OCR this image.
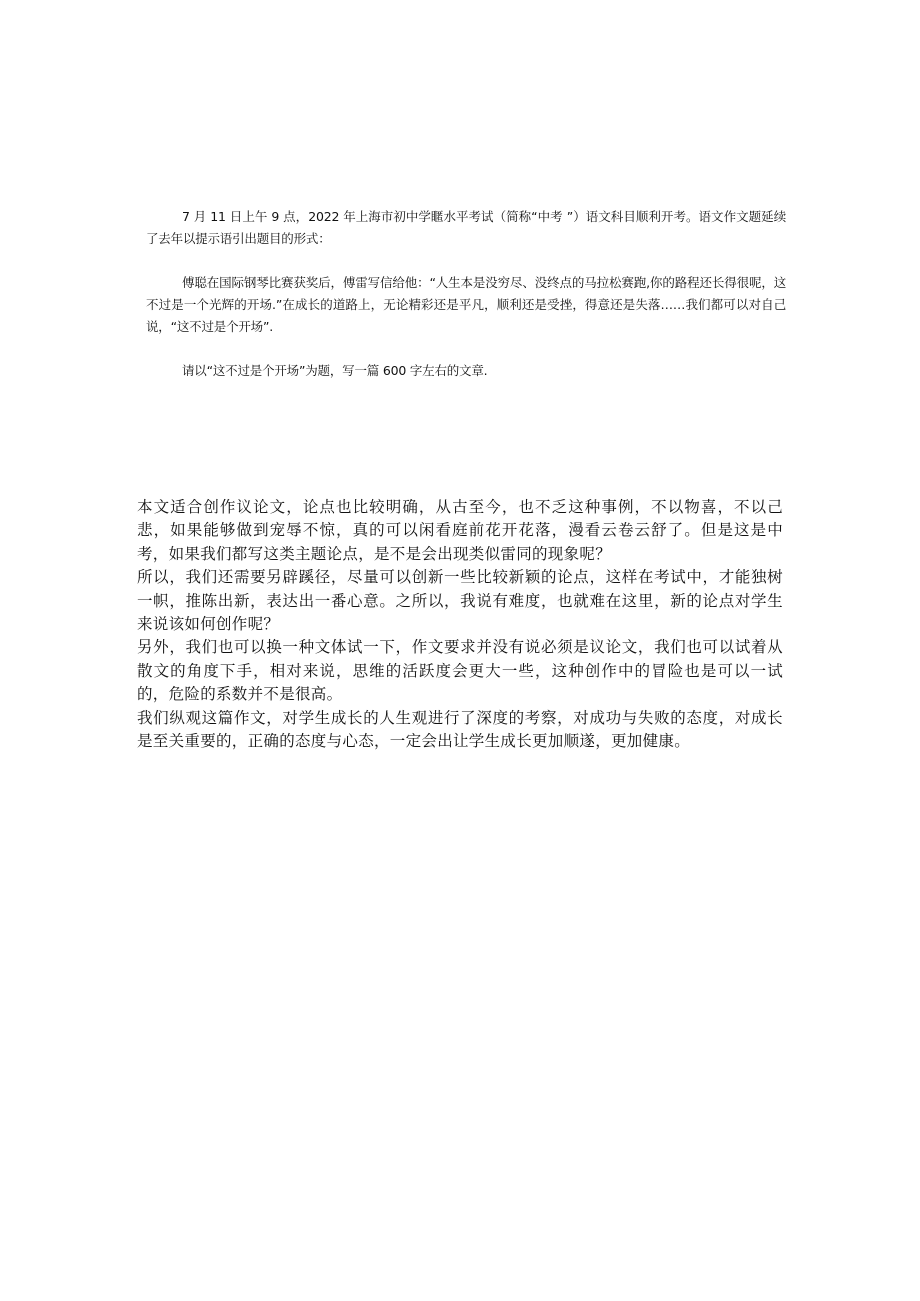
7 月 11 日上午 9 点，2022 年上海市初中学䁥水平考试（简称“中考 ”）语文科目顺利开考。语文作文题延续了去年以提示语引出题目的形式：

傅聪在国际钢琴比赛获奖后，傅雷写信给他：“人生本是没穷尽、没终点的马拉松赛跑,你的路程还长得很呢，这不过是一个光辉的开场.”在成长的道路上，无论精彩还是平凡，顺利还是受挫，得意还是失落……我们都可以对自己说，“这不过是个开场”.

请以“这不过是个开场”为题，写一篇 600 字左右的文章.

本文适合创作议论文，论点也比较明确，从古至今，也不乏这种事例，不以物喜，不以己悲，如果能够做到宠辱不惊，真的可以闲看庭前花开花落，漫看云卷云舒了。但是这是中考，如果我们都写这类主题论点，是不是会出现类似雷同的现象呢？

所以，我们还需要另辟蹊径，尽量可以创新一些比较新颖的论点，这样在考试中，才能独树一帜，推陈出新，表达出一番心意。之所以，我说有难度，也就难在这里，新的论点对学生来说该如何创作呢？

另外，我们也可以换一种文体试一下，作文要求并没有说必须是议论文，我们也可以试着从散文的角度下手，相对来说，思维的活跃度会更大一些，这种创作中的冒险也是可以一试的，危险的系数并不是很高。

我们纵观这篇作文，对学生成长的人生观进行了深度的考察，对成功与失败的态度，对成长是至关重要的，正确的态度与心态，一定会出让学生成长更加顺遂，更加健康。
